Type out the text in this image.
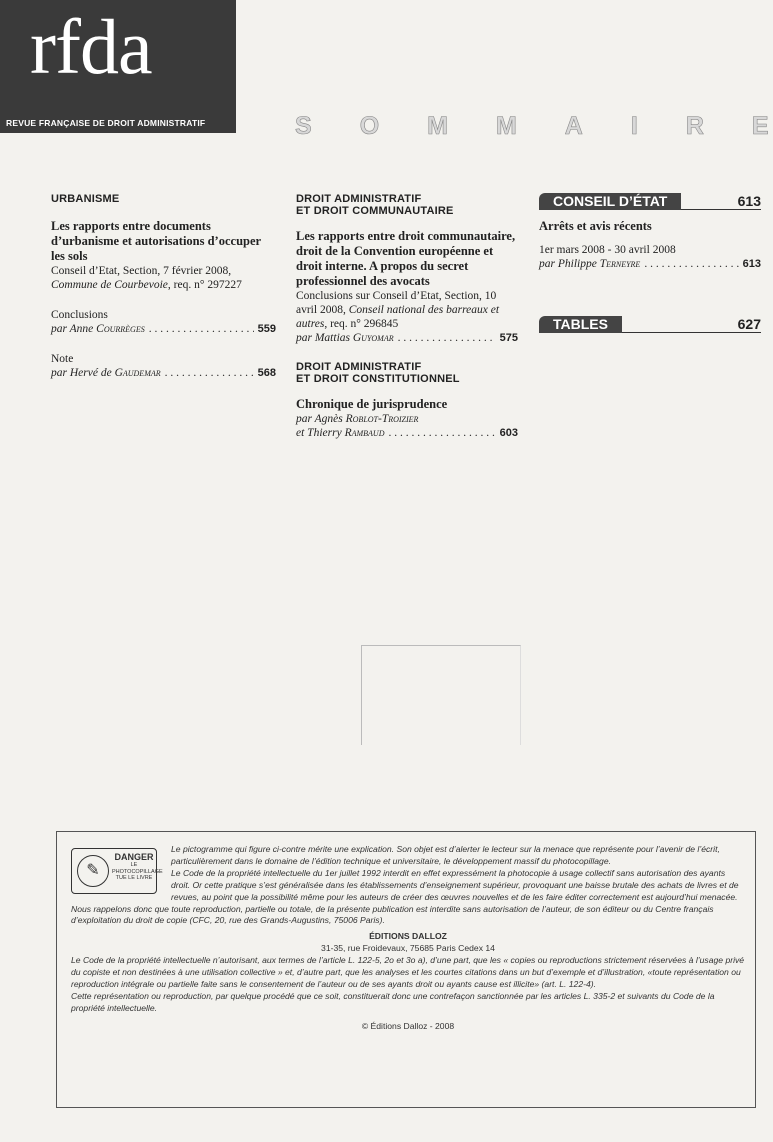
rfda
REVUE FRANÇAISE DE DROIT ADMINISTRATIF	S O M M A I R E
URBANISME
Les rapports entre documents d’urbanisme et autorisations d’occuper les sols
Conseil d’Etat, Section, 7 février 2008, Commune de Courbevoie, req. n° 297227
Conclusions
par Anne Courrèges . . .	559
Note
par Hervé de Gaudemar . . .	568
DROIT ADMINISTRATIF
ET DROIT COMMUNAUTAIRE
Les rapports entre droit communautaire, droit de la Convention européenne et droit interne. A propos du secret professionnel des avocats
Conclusions sur Conseil d’Etat, Section, 10 avril 2008, Conseil national des barreaux et autres, req. n° 296845
par Mattias Guyomar . . .	575
DROIT ADMINISTRATIF
ET DROIT CONSTITUTIONNEL
Chronique de jurisprudence
par Agnès Roblot-Troizier
et Thierry Rambaud . . .	603
CONSEIL D’ÉTAT	613
Arrêts et avis récents
1er mars 2008 - 30 avril 2008
par Philippe Terneyre . . .	613
TABLES	627
✎
DANGER
LE PHOTOCOPILLAGE TUE LE LIVRE
Le pictogramme qui figure ci-contre mérite une explication. Son objet est d’alerter le lecteur sur la menace que représente pour l’avenir de l’écrit, particulièrement dans le domaine de l’édition technique et universitaire, le développement massif du photocopillage.
Le Code de la propriété intellectuelle du 1er juillet 1992 interdit en effet expressément la photocopie à usage collectif sans autorisation des ayants droit. Or cette pratique s’est généralisée dans les établissements d’enseignement supérieur, provoquant une baisse brutale des achats de livres et de revues, au point que la possibilité même pour les auteurs de créer des œuvres nouvelles et de les faire éditer correctement est aujourd’hui menacée.
Nous rappelons donc que toute reproduction, partielle ou totale, de la présente publication est interdite sans autorisation de l’auteur, de son éditeur ou du Centre français d’exploitation du droit de copie (CFC, 20, rue des Grands-Augustins, 75006 Paris).
ÉDITIONS DALLOZ
31-35, rue Froidevaux, 75685 Paris Cedex 14
Le Code de la propriété intellectuelle n’autorisant, aux termes de l’article L. 122-5, 2o et 3o a), d’une part, que les « copies ou reproductions strictement réservées à l’usage privé du copiste et non destinées à une utilisation collective » et, d’autre part, que les analyses et les courtes citations dans un but d’exemple et d’illustration, «toute représentation ou reproduction intégrale ou partielle faite sans le consentement de l’auteur ou de ses ayants droit ou ayants cause est illicite» (art. L. 122-4).
Cette représentation ou reproduction, par quelque procédé que ce soit, constituerait donc une contrefaçon sanctionnée par les articles L. 335-2 et suivants du Code de la propriété intellectuelle.
© Éditions Dalloz - 2008
